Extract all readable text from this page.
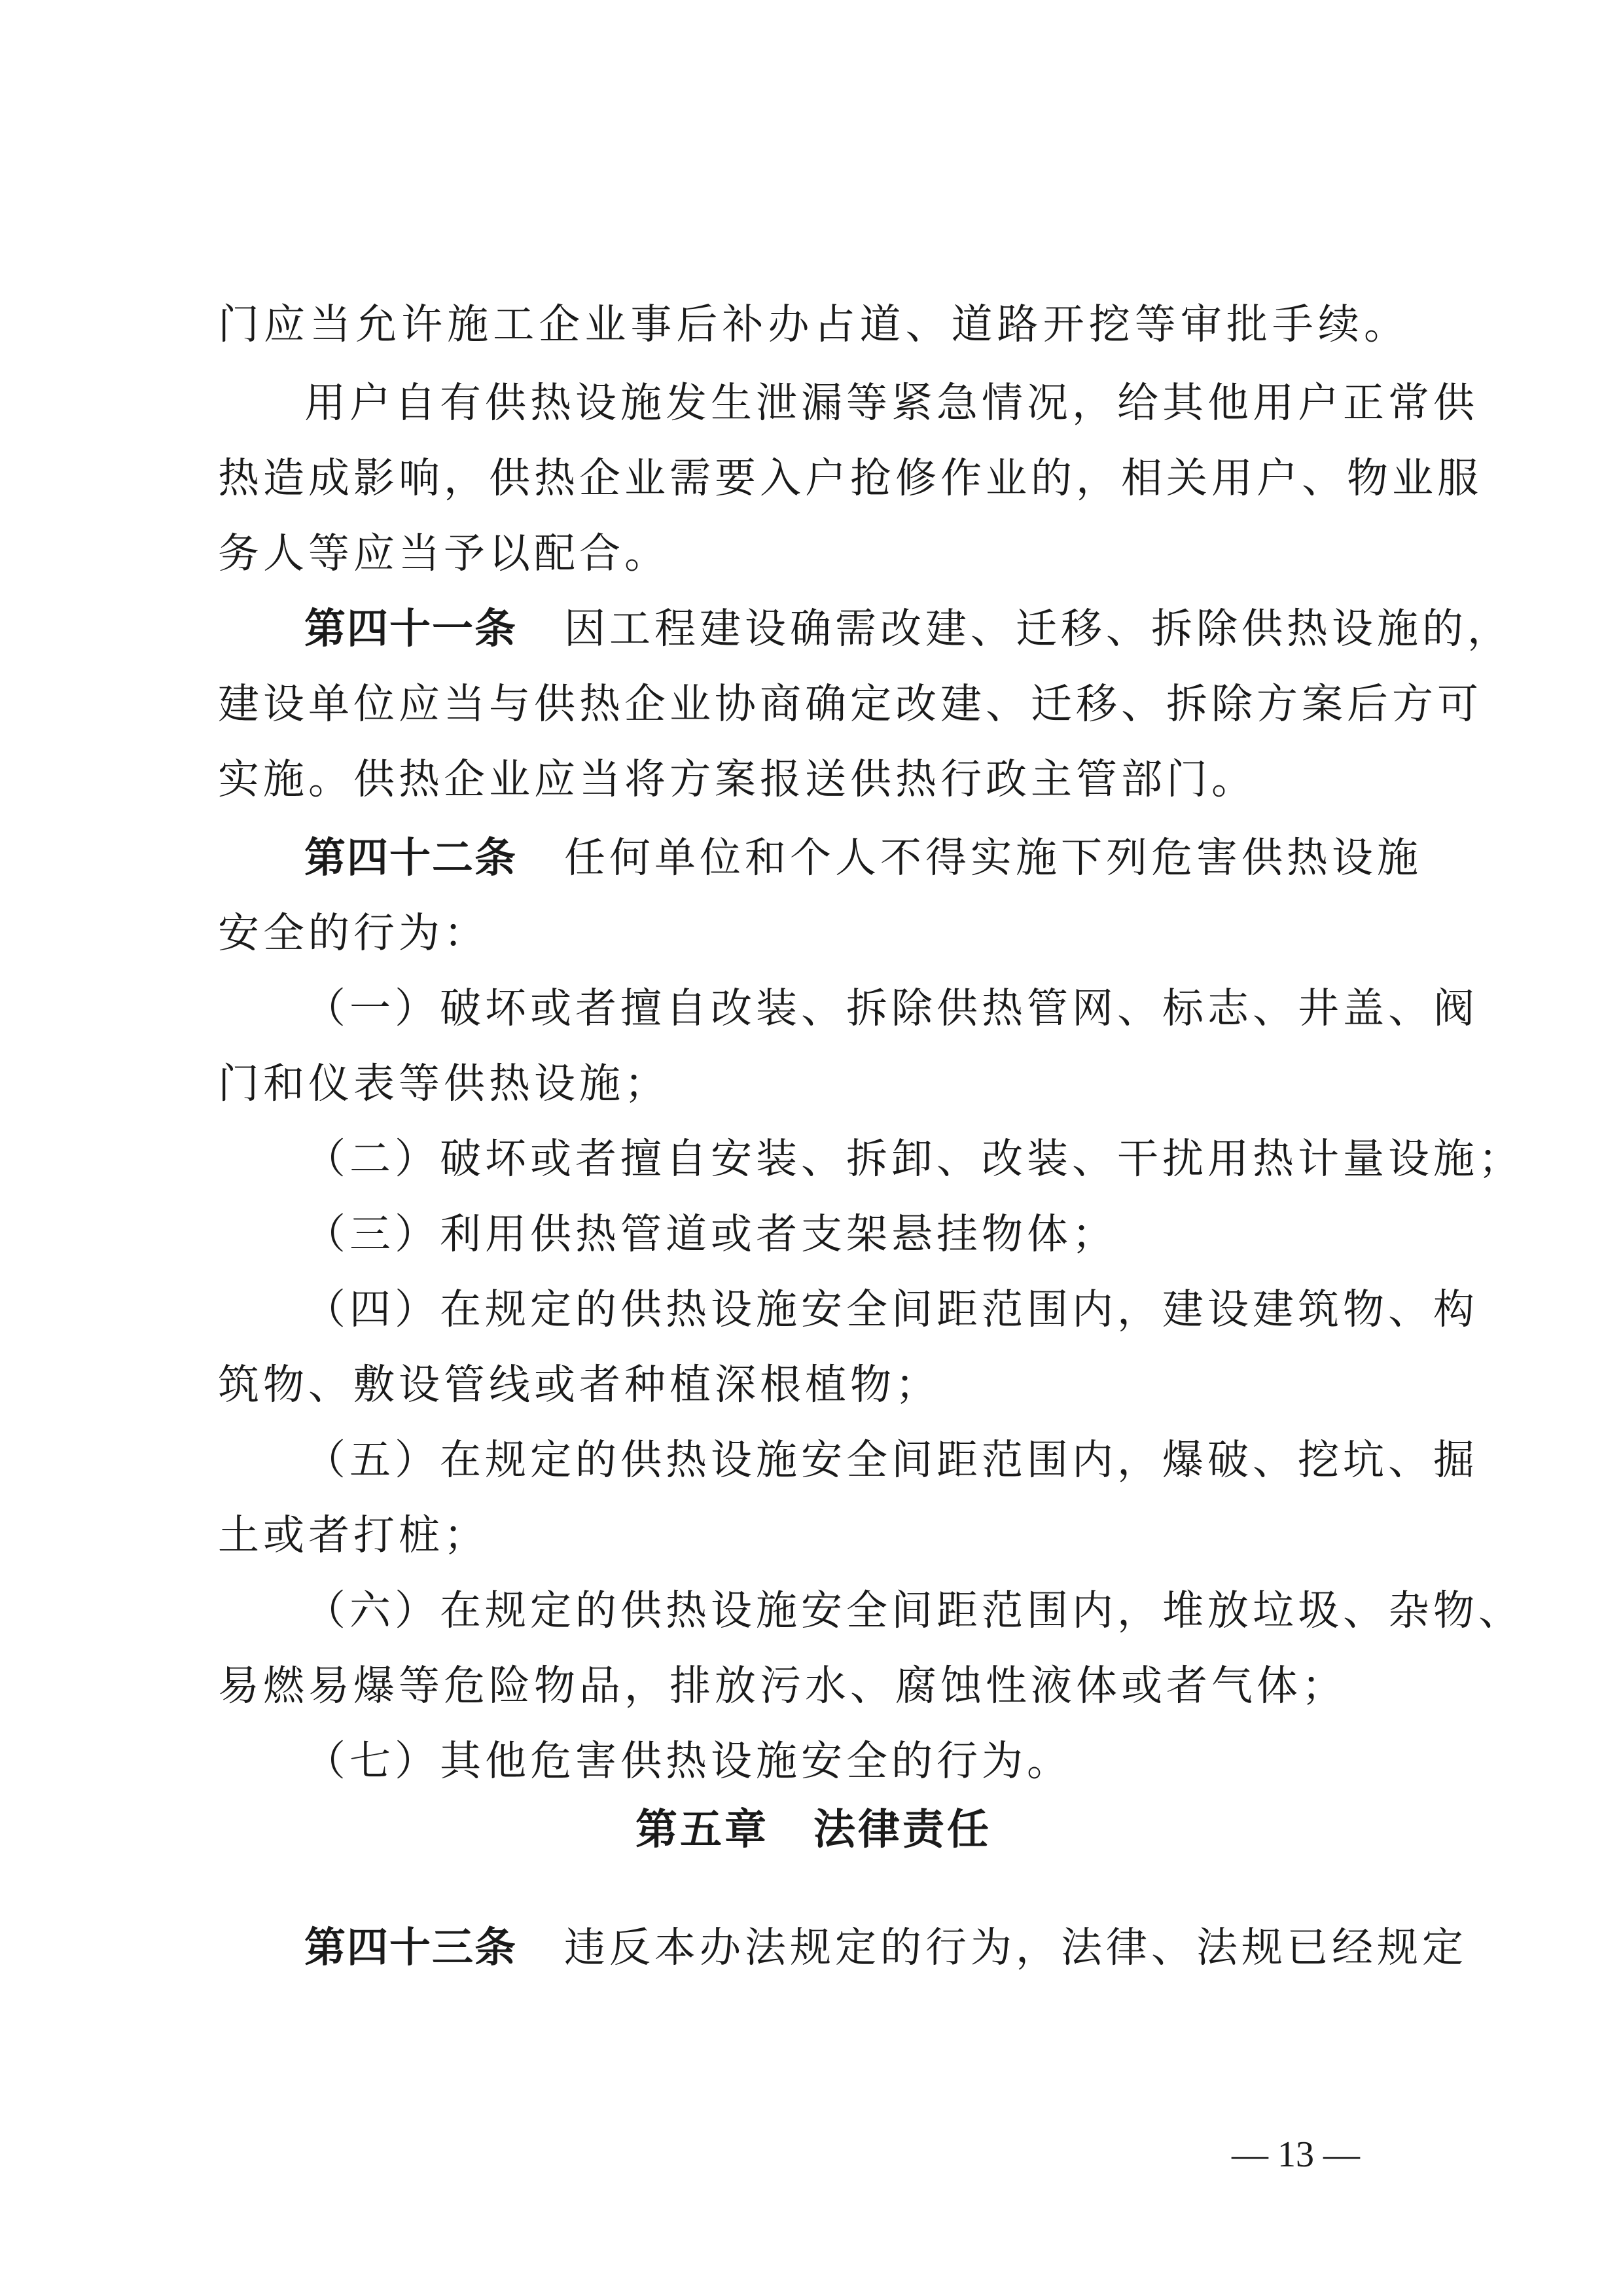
门应当允许施工企业事后补办占道、道路开挖等审批手续。
用户自有供热设施发生泄漏等紧急情况，给其他用户正常供
热造成影响，供热企业需要入户抢修作业的，相关用户、物业服
务人等应当予以配合。
第四十一条 因工程建设确需改建、迁移、拆除供热设施的，
建设单位应当与供热企业协商确定改建、迁移、拆除方案后方可
实施。供热企业应当将方案报送供热行政主管部门。
第四十二条 任何单位和个人不得实施下列危害供热设施
安全的行为：
（一）破坏或者擅自改装、拆除供热管网、标志、井盖、阀
门和仪表等供热设施；
（二）破坏或者擅自安装、拆卸、改装、干扰用热计量设施；
（三）利用供热管道或者支架悬挂物体；
（四）在规定的供热设施安全间距范围内，建设建筑物、构
筑物、敷设管线或者种植深根植物；
（五）在规定的供热设施安全间距范围内，爆破、挖坑、掘
土或者打桩；
（六）在规定的供热设施安全间距范围内，堆放垃圾、杂物、
易燃易爆等危险物品，排放污水、腐蚀性液体或者气体；
（七）其他危害供热设施安全的行为。
第五章　法律责任
第四十三条 违反本办法规定的行为，法律、法规已经规定
— 13 —
